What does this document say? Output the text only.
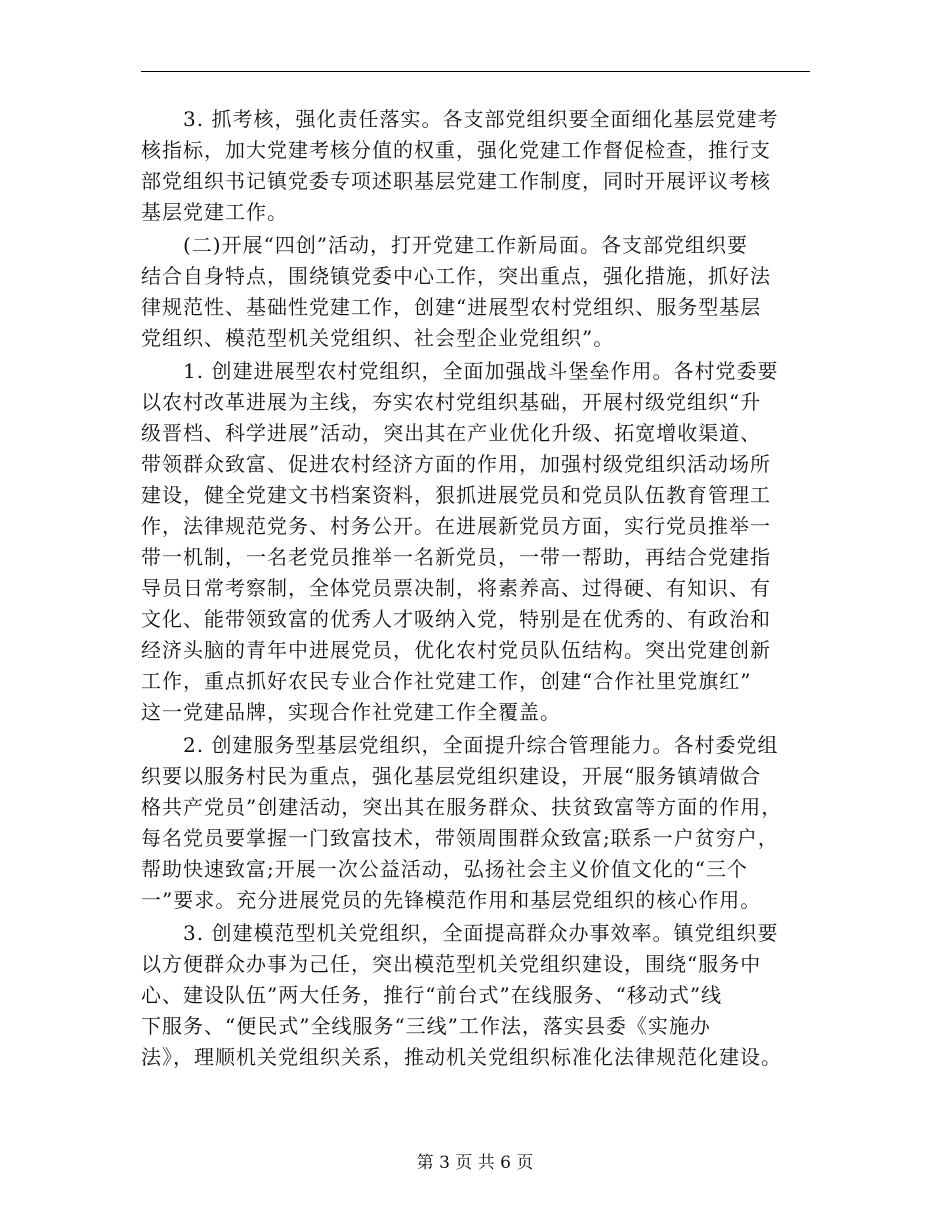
　　3. 抓考核，强化责任落实。各支部党组织要全面细化基层党建考
核指标，加大党建考核分值的权重，强化党建工作督促检查，推行支
部党组织书记镇党委专项述职基层党建工作制度，同时开展评议考核
基层党建工作。

　　(二)开展“四创”活动，打开党建工作新局面。各支部党组织要
结合自身特点，围绕镇党委中心工作，突出重点，强化措施，抓好法
律规范性、基础性党建工作，创建“进展型农村党组织、服务型基层
党组织、模范型机关党组织、社会型企业党组织”。

　　1. 创建进展型农村党组织，全面加强战斗堡垒作用。各村党委要
以农村改革进展为主线，夯实农村党组织基础，开展村级党组织“升
级晋档、科学进展”活动，突出其在产业优化升级、拓宽增收渠道、
带领群众致富、促进农村经济方面的作用，加强村级党组织活动场所
建设，健全党建文书档案资料，狠抓进展党员和党员队伍教育管理工
作，法律规范党务、村务公开。在进展新党员方面，实行党员推举一
带一机制，一名老党员推举一名新党员，一带一帮助，再结合党建指
导员日常考察制，全体党员票决制，将素养高、过得硬、有知识、有
文化、能带领致富的优秀人才吸纳入党，特别是在优秀的、有政治和
经济头脑的青年中进展党员，优化农村党员队伍结构。突出党建创新
工作，重点抓好农民专业合作社党建工作，创建“合作社里党旗红”
这一党建品牌，实现合作社党建工作全覆盖。

　　2. 创建服务型基层党组织，全面提升综合管理能力。各村委党组
织要以服务村民为重点，强化基层党组织建设，开展“服务镇靖做合
格共产党员”创建活动，突出其在服务群众、扶贫致富等方面的作用，
每名党员要掌握一门致富技术，带领周围群众致富;联系一户贫穷户，
帮助快速致富;开展一次公益活动，弘扬社会主义价值文化的“三个
一”要求。充分进展党员的先锋模范作用和基层党组织的核心作用。

　　3. 创建模范型机关党组织，全面提高群众办事效率。镇党组织要
以方便群众办事为己任，突出模范型机关党组织建设，围绕“服务中
心、建设队伍”两大任务，推行“前台式”在线服务、“移动式”线
下服务、“便民式”全线服务“三线”工作法，落实县委《实施办
法》，理顺机关党组织关系，推动机关党组织标准化法律规范化建设。

第 3 页 共 6 页
